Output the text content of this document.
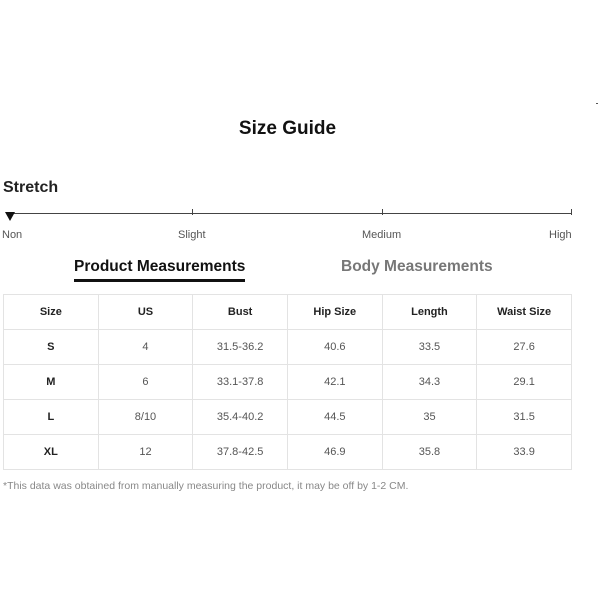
Size Guide
Stretch
Non	Slight	Medium	High
Product Measurements	Body Measurements
Size	US	Bust	Hip Size	Length	Waist Size
S	4	31.5-36.2	40.6	33.5	27.6
M	6	33.1-37.8	42.1	34.3	29.1
L	8/10	35.4-40.2	44.5	35	31.5
XL	12	37.8-42.5	46.9	35.8	33.9
*This data was obtained from manually measuring the product, it may be off by 1-2 CM.
